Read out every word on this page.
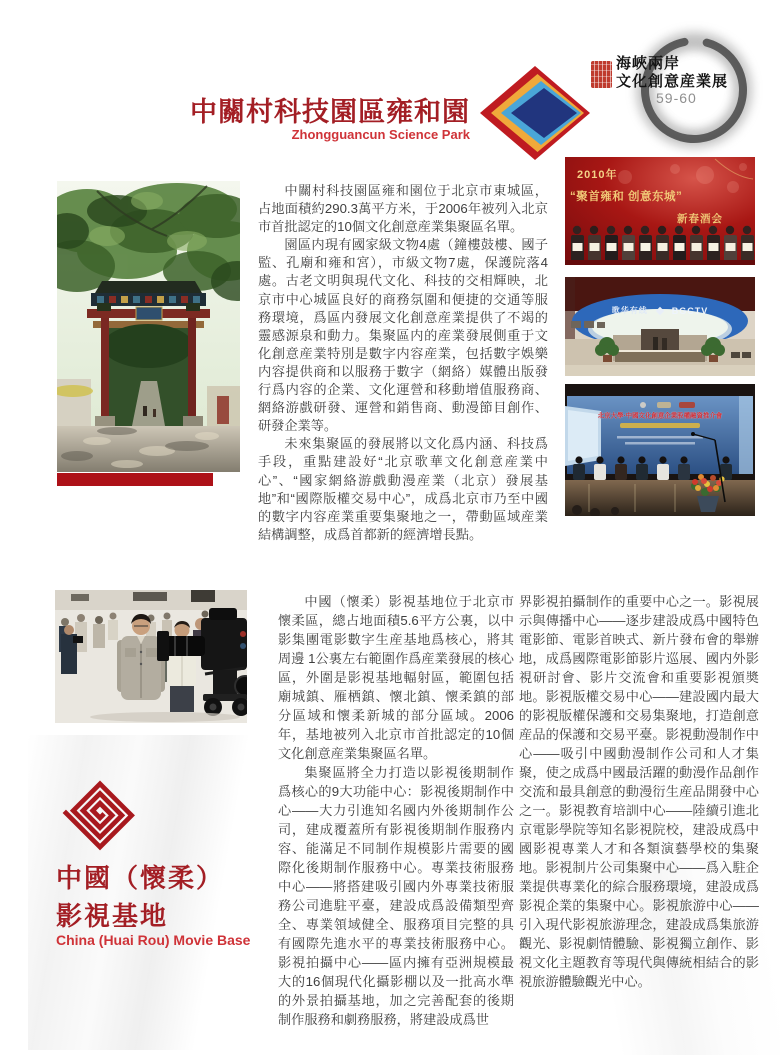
海峽兩岸
文化創意産業展
59-60
中關村科技園區雍和園
Zhongguancun Science Park

中關村科技園區雍和園位于北京市東城區，占地面積約290.3萬平方米，于2006年被列入北京市首批認定的10個文化創意産業集聚區名單。

園區内現有國家級文物4處（鐘樓鼓樓、國子監、孔廟和雍和宮），市級文物7處，保護院落4處。古老文明與現代文化、科技的交相輝映，北京市中心城區良好的商務氛圍和便捷的交通等服務環境，爲區内發展文化創意産業提供了不竭的靈感源泉和動力。集聚區内的産業發展側重于文化創意産業特別是數字内容産業，包括數字娛樂内容提供商和以服務于數字（網絡）媒體出版發行爲内容的企業、文化運營和移動增值服務商、網絡游戲研發、運營和銷售商、動漫節目創作、研發企業等。

未來集聚區的發展將以文化爲内涵、科技爲手段，重點建設好“北京歌華文化創意産業中心”、“國家網絡游戲動漫産業（北京）發展基地”和“國際版權交易中心”，成爲北京市乃至中國的數字内容産業重要集聚地之一，帶動區域産業結構調整，成爲首都新的經濟增長點。

2010年
“聚首雍和 创意东城”
新春酒会
歌华有线	BGCTV
北京大學·中國文化創意企業股權融資推介會
中國（懷柔）
影視基地
China (Huai Rou) Movie Base

中國（懷柔）影視基地位于北京市懷柔區，總占地面積5.6平方公裏，以中影集團電影數字生産基地爲核心，將其周邊 1公裏左右範圍作爲産業發展的核心區，外圍是影視基地輻射區，範圍包括廟城鎮、雁栖鎮、懷北鎮、懷柔鎮的部分區域和懷柔新城的部分區域。2006年，基地被列入北京市首批認定的10個文化創意産業集聚區名單。

集聚區將全力打造以影視後期制作爲核心的9大功能中心：影視後期制作中心——大力引進知名國内外後期制作公司，建成覆蓋所有影視後期制作服務内容、能滿足不同制作規模影片需要的國際化後期制作服務中心。專業技術服務中心——將搭建吸引國内外專業技術服務公司進駐平臺，建設成爲設備類型齊全、專業領域健全、服務項目完整的具有國際先進水平的專業技術服務中心。影視拍攝中心——區内擁有亞洲規模最大的16個現代化攝影棚以及一批高水準的外景拍攝基地，加之完善配套的後期制作服務和劇務服務，將建設成爲世

界影視拍攝制作的重要中心之一。影視展示與傳播中心——逐步建設成爲中國特色電影節、電影首映式、新片發布會的舉辦地，成爲國際電影節影片巡展、國内外影視研討會、影片交流會和重要影視頒奬地。影視版權交易中心——建設國内最大的影視版權保護和交易集聚地，打造創意産品的保護和交易平臺。影視動漫制作中心——吸引中國動漫制作公司和人才集聚，使之成爲中國最活躍的動漫作品創作交流和最具創意的動漫衍生産品開發中心之一。影視教育培訓中心——陸續引進北京電影學院等知名影視院校，建設成爲中國影視專業人才和各類演藝學校的集聚地。影視制片公司集聚中心——爲入駐企業提供專業化的綜合服務環境，建設成爲影視企業的集聚中心。影視旅游中心——引入現代影視旅游理念，建設成爲集旅游觀光、影視劇情體驗、影視獨立創作、影視文化主題教育等現代與傳統相結合的影視旅游體驗觀光中心。
